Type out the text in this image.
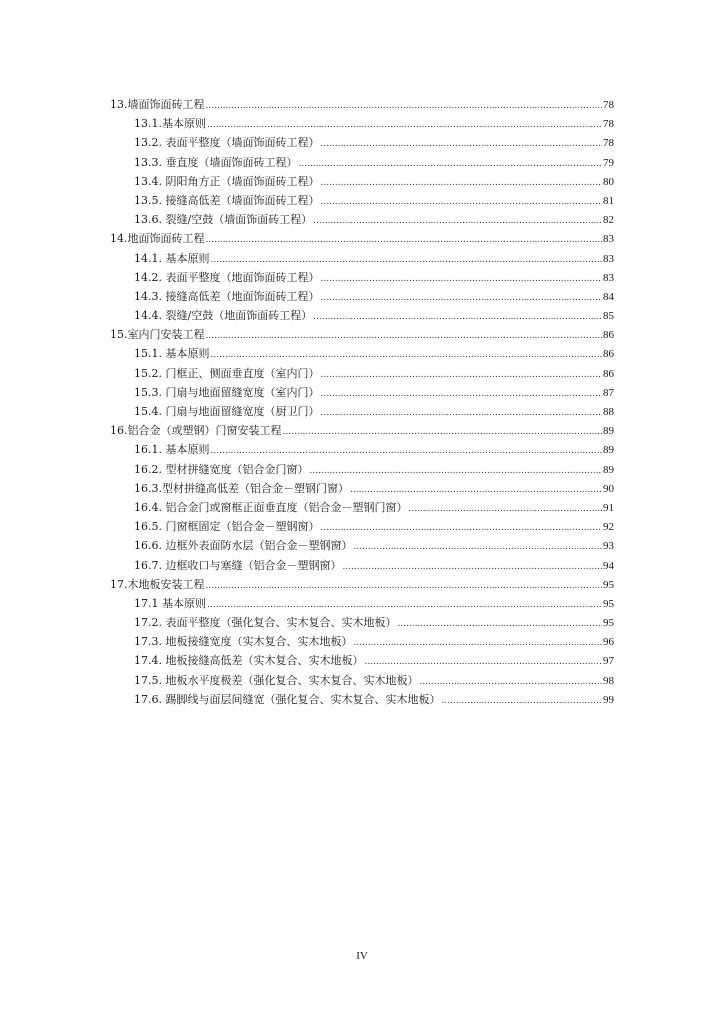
13.墙面饰面砖工程 .....	78
13.1.基本原则 .....	78
13.2. 表面平整度（墙面饰面砖工程） .....	78
13.3. 垂直度（墙面饰面砖工程） .....	79
13.4. 阴阳角方正（墙面饰面砖工程） .....	80
13.5. 接缝高低差（墙面饰面砖工程） .....	81
13.6. 裂缝/空鼓（墙面饰面砖工程） .....	82
14.地面饰面砖工程 .....	83
14.1. 基本原则 .....	83
14.2. 表面平整度（地面饰面砖工程） .....	83
14.3. 接缝高低差（地面饰面砖工程） .....	84
14.4. 裂缝/空鼓（地面饰面砖工程） .....	85
15.室内门安装工程 .....	86
15.1. 基本原则 .....	86
15.2. 门框正、侧面垂直度（室内门） .....	86
15.3. 门扇与地面留缝宽度（室内门） .....	87
15.4. 门扇与地面留缝宽度（厨卫门） .....	88
16.铝合金（或塑钢）门窗安装工程 .....	89
16.1. 基本原则 .....	89
16.2. 型材拼缝宽度（铝合金门窗） .....	89
16.3.型材拼缝高低差（铝合金－塑钢门窗） .....	90
16.4. 铝合金门或窗框正面垂直度（铝合金－塑钢门窗） .....	91
16.5. 门窗框固定（铝合金－塑钢窗） .....	92
16.6. 边框外表面防水层（铝合金－塑钢窗） .....	93
16.7. 边框收口与塞缝（铝合金－塑钢窗） .....	94
17.木地板安装工程 .....	95
17.1 基本原则 .....	95
17.2. 表面平整度（强化复合、实木复合、实木地板） .....	95
17.3. 地板接缝宽度（实木复合、实木地板） .....	96
17.4. 地板接缝高低差（实木复合、实木地板） .....	97
17.5. 地板水平度极差（强化复合、实木复合、实木地板） .....	98
17.6. 踢脚线与面层间缝宽（强化复合、实木复合、实木地板） .....	99
IV
